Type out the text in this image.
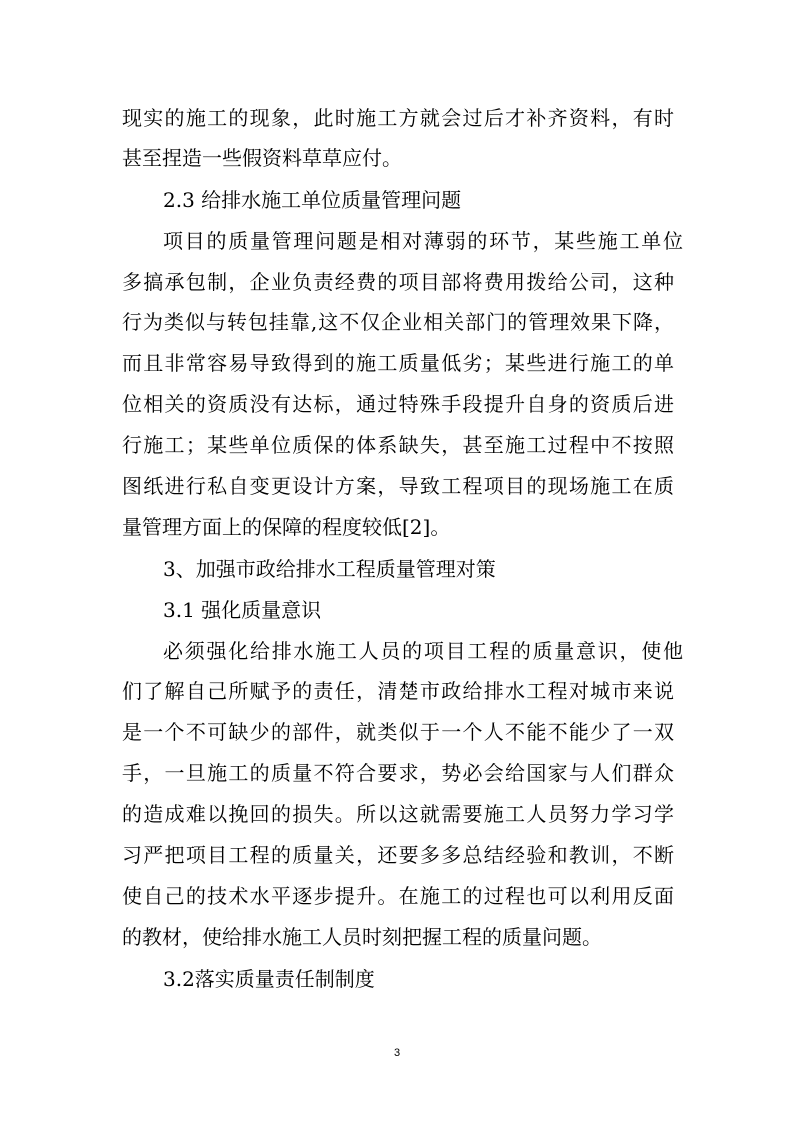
现实的施工的现象，此时施工方就会过后才补齐资料，有时
甚至捏造一些假资料草草应付。
2.3 给排水施工单位质量管理问题
项目的质量管理问题是相对薄弱的环节，某些施工单位
多搞承包制，企业负责经费的项目部将费用拨给公司，这种
行为类似与转包挂靠,这不仅企业相关部门的管理效果下降，
而且非常容易导致得到的施工质量低劣；某些进行施工的单
位相关的资质没有达标，通过特殊手段提升自身的资质后进
行施工；某些单位质保的体系缺失，甚至施工过程中不按照
图纸进行私自变更设计方案，导致工程项目的现场施工在质
量管理方面上的保障的程度较低[2]。
3、加强市政给排水工程质量管理对策
3.1 强化质量意识
必须强化给排水施工人员的项目工程的质量意识，使他
们了解自己所赋予的责任，清楚市政给排水工程对城市来说
是一个不可缺少的部件，就类似于一个人不能不能少了一双
手，一旦施工的质量不符合要求，势必会给国家与人们群众
的造成难以挽回的损失。所以这就需要施工人员努力学习学
习严把项目工程的质量关，还要多多总结经验和教训，不断
使自己的技术水平逐步提升。在施工的过程也可以利用反面
的教材，使给排水施工人员时刻把握工程的质量问题。
3.2落实质量责任制制度
3
